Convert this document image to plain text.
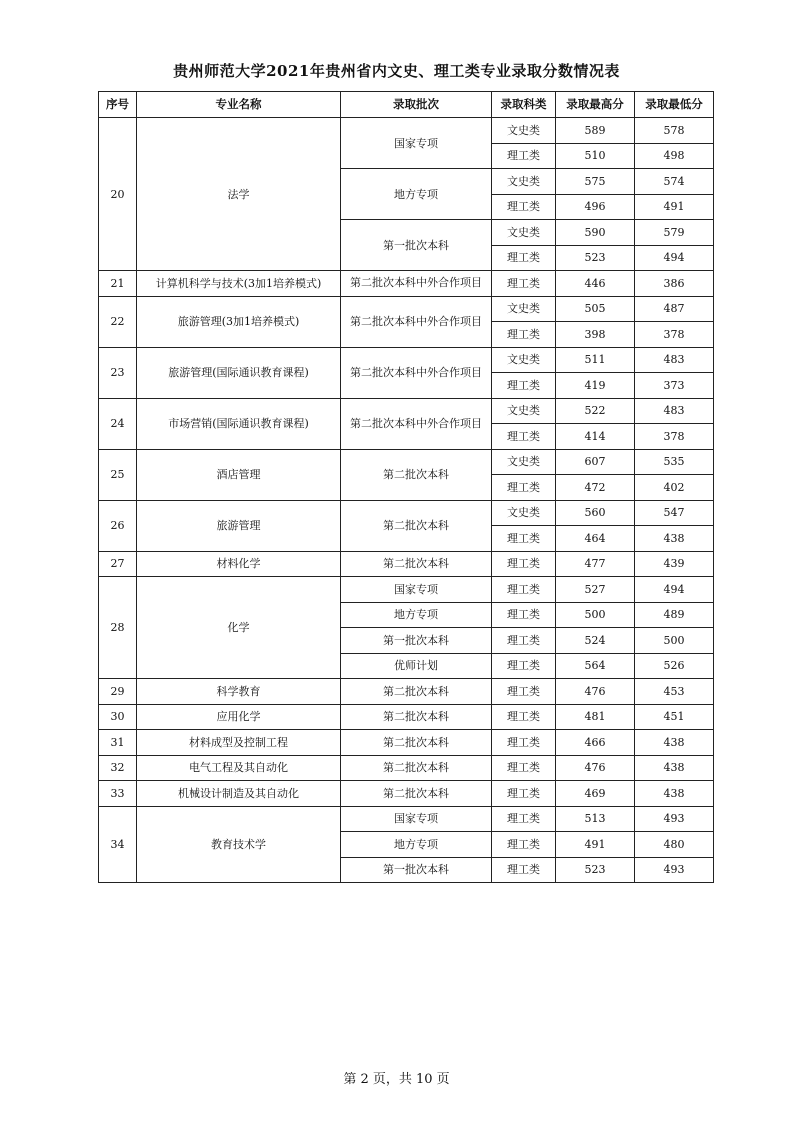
贵州师范大学2021年贵州省内文史、理工类专业录取分数情况表
序号	专业名称	录取批次	录取科类	录取最高分	录取最低分
20	法学	国家专项	文史类	589	578
			理工类	510	498
		地方专项	文史类	575	574
			理工类	496	491
		第一批次本科	文史类	590	579
			理工类	523	494
21	计算机科学与技术(3加1培养模式)	第二批次本科中外合作项目	理工类	446	386
22	旅游管理(3加1培养模式)	第二批次本科中外合作项目	文史类	505	487
			理工类	398	378
23	旅游管理(国际通识教育课程)	第二批次本科中外合作项目	文史类	511	483
			理工类	419	373
24	市场营销(国际通识教育课程)	第二批次本科中外合作项目	文史类	522	483
			理工类	414	378
25	酒店管理	第二批次本科	文史类	607	535
			理工类	472	402
26	旅游管理	第二批次本科	文史类	560	547
			理工类	464	438
27	材料化学	第二批次本科	理工类	477	439
28	化学	国家专项	理工类	527	494
		地方专项	理工类	500	489
		第一批次本科	理工类	524	500
		优师计划	理工类	564	526
29	科学教育	第二批次本科	理工类	476	453
30	应用化学	第二批次本科	理工类	481	451
31	材料成型及控制工程	第二批次本科	理工类	466	438
32	电气工程及其自动化	第二批次本科	理工类	476	438
33	机械设计制造及其自动化	第二批次本科	理工类	469	438
34	教育技术学	国家专项	理工类	513	493
		地方专项	理工类	491	480
		第一批次本科	理工类	523	493
第 2 页，共 10 页
